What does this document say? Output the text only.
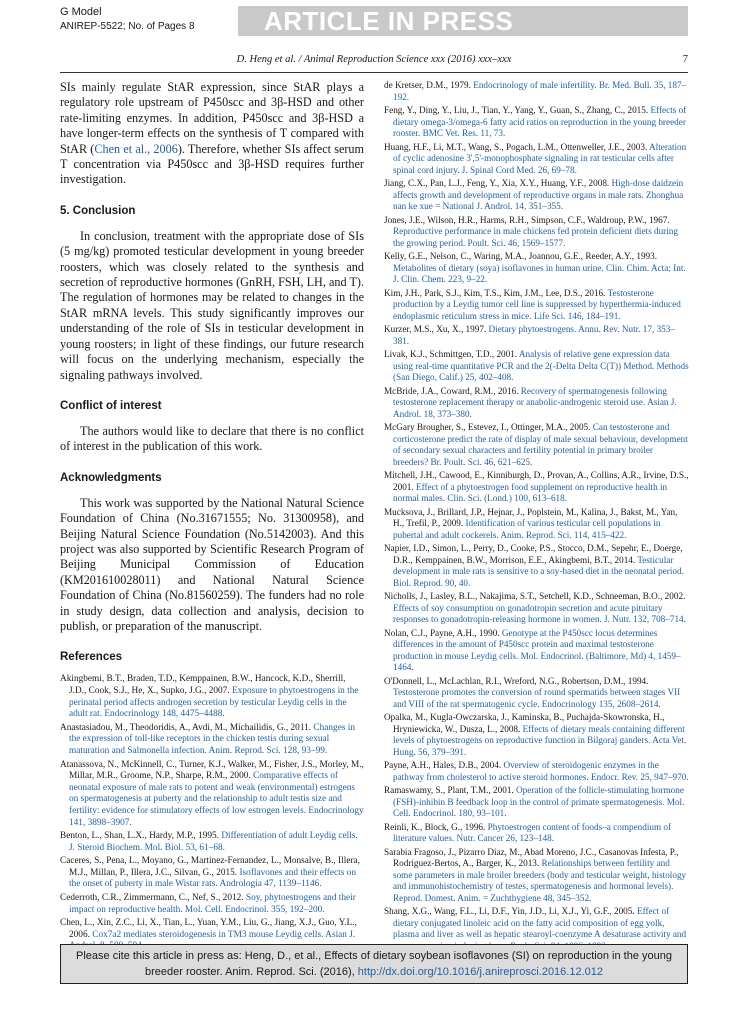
G Model
ANIREP-5522; No. of Pages 8	ARTICLE IN PRESS
D. Heng et al. / Animal Reproduction Science xxx (2016) xxx–xxx	7

SIs mainly regulate StAR expression, since StAR plays a regulatory role upstream of P450scc and 3β-HSD and other rate-limiting enzymes. In addition, P450scc and 3β-HSD a have longer-term effects on the synthesis of T compared with StAR (Chen et al., 2006). Therefore, whether SIs affect serum T concentration via P450scc and 3β-HSD requires further investigation.

5. Conclusion

In conclusion, treatment with the appropriate dose of SIs (5 mg/kg) promoted testicular development in young breeder roosters, which was closely related to the synthesis and secretion of reproductive hormones (GnRH, FSH, LH, and T). The regulation of hormones may be related to changes in the StAR mRNA levels. This study significantly improves our understanding of the role of SIs in testicular development in young roosters; in light of these findings, our future research will focus on the underlying mechanism, especially the signaling pathways involved.

Conflict of interest

The authors would like to declare that there is no conflict of interest in the publication of this work.

Acknowledgments

This work was supported by the National Natural Science Foundation of China (No.31671555; No. 31300958), and Beijing Natural Science Foundation (No.5142003). And this project was also supported by Scientific Research Program of Beijing Municipal Commission of Education (KM201610028011) and National Natural Science Foundation of China (No.81560259). The funders had no role in study design, data collection and analysis, decision to publish, or preparation of the manuscript.

References

Akingbemi, B.T., Braden, T.D., Kemppainen, B.W., Hancock, K.D., Sherrill, J.D., Cook, S.J., He, X., Supko, J.G., 2007. Exposure to phytoestrogens in the perinatal period affects androgen secretion by testicular Leydig cells in the adult rat. Endocrinology 148, 4475–4488.

Anastasiadou, M., Theodoridis, A., Avdi, M., Michailidis, G., 2011. Changes in the expression of toll-like receptors in the chicken testis during sexual maturation and Salmonella infection. Anim. Reprod. Sci. 128, 93–99.

Atanassova, N., McKinnell, C., Turner, K.J., Walker, M., Fisher, J.S., Morley, M., Millar, M.R., Groome, N.P., Sharpe, R.M., 2000. Comparative effects of neonatal exposure of male rats to potent and weak (environmental) estrogens on spermatogenesis at puberty and the relationship to adult testis size and fertility: evidence for stimulatory effects of low estrogen levels. Endocrinology 141, 3898–3907.

Benton, L., Shan, L.X., Hardy, M.P., 1995. Differentiation of adult Leydig cells. J. Steroid Biochem. Mol. Biol. 53, 61–68.

Caceres, S., Pena, L., Moyano, G., Martinez-Fernandez, L., Monsalve, B., Illera, M.J., Millan, P., Illera, J.C., Silvan, G., 2015. Isoflavones and their effects on the onset of puberty in male Wistar rats. Andrologia 47, 1139–1146.

Cederroth, C.R., Zimmermann, C., Nef, S., 2012. Soy, phytoestrogens and their impact on reproductive health. Mol. Cell. Endocrinol. 355, 192–200.

Chen, L., Xin, Z.C., Li, X., Tian, L., Yuan, Y.M., Liu, G., Jiang, X.J., Guo, Y.L., 2006. Cox7a2 mediates steroidogenesis in TM3 mouse Leydig cells. Asian J.

de Kretser, D.M., 1979. Endocrinology of male infertility. Br. Med. Bull. 35, 187–192.

Feng, Y., Ding, Y., Liu, J., Tian, Y., Yang, Y., Guan, S., Zhang, C., 2015. Effects of dietary omega-3/omega-6 fatty acid ratios on reproduction in the young breeder rooster. BMC Vet. Res. 11, 73.

Huang, H.F., Li, M.T., Wang, S., Pogach, L.M., Ottenweller, J.E., 2003. Alteration of cyclic adenosine 3',5'-monophosphate signaling in rat testicular cells after spinal cord injury. J. Spinal Cord Med. 26, 69–78.

Jiang, C.X., Pan, L.J., Feng, Y., Xia, X.Y., Huang, Y.F., 2008. High-dose daidzein affects growth and development of reproductive organs in male rats. Zhonghua nan ke xue = National J. Androl. 14, 351–355.

Jones, J.E., Wilson, H.R., Harms, R.H., Simpson, C.F., Waldroup, P.W., 1967. Reproductive performance in male chickens fed protein deficient diets during the growing period. Poult. Sci. 46, 1569–1577.

Kelly, G.E., Nelson, C., Waring, M.A., Joannou, G.E., Reeder, A.Y., 1993. Metabolites of dietary (soya) isoflavones in human urine. Clin. Chim. Acta; Int. J. Clin. Chem. 223, 9–22.

Kim, J.H., Park, S.J., Kim, T.S., Kim, J.M., Lee, D.S., 2016. Testosterone production by a Leydig tumor cell line is suppressed by hyperthermia-induced endoplasmic reticulum stress in mice. Life Sci. 146, 184–191.

Kurzer, M.S., Xu, X., 1997. Dietary phytoestrogens. Annu. Rev. Nutr. 17, 353–381.

Livak, K.J., Schmittgen, T.D., 2001. Analysis of relative gene expression data using real-time quantitative PCR and the 2(-Delta Delta C(T)) Method. Methods (San Diego, Calif.) 25, 402–408.

McBride, J.A., Coward, R.M., 2016. Recovery of spermatogenesis following testosterone replacement therapy or anabolic-androgenic steroid use. Asian J. Androl. 18, 373–380.

McGary Brougher, S., Estevez, I., Ottinger, M.A., 2005. Can testosterone and corticosterone predict the rate of display of male sexual behaviour, development of secondary sexual characters and fertility potential in primary broiler breeders? Br. Poult. Sci. 46, 621–625.

Mitchell, J.H., Cawood, E., Kinniburgh, D., Provan, A., Collins, A.R., Irvine, D.S., 2001. Effect of a phytoestrogen food supplement on reproductive health in normal males. Clin. Sci. (Lond.) 100, 613–618.

Mucksova, J., Brillard, J.P., Hejnar, J., Poplstein, M., Kalina, J., Bakst, M., Yan, H., Trefil, P., 2009. Identification of various testicular cell populations in pubertal and adult cockerels. Anim. Reprod. Sci. 114, 415–422.

Napier, I.D., Simon, L., Perry, D., Cooke, P.S., Stocco, D.M., Sepehr, E., Doerge, D.R., Kemppainen, B.W., Morrison, E.E., Akingbemi, B.T., 2014. Testicular development in male rats is sensitive to a soy-based diet in the neonatal period. Biol. Reprod. 90, 40.

Nicholls, J., Lasley, B.L., Nakajima, S.T., Setchell, K.D., Schneeman, B.O., 2002. Effects of soy consumption on gonadotropin secretion and acute pituitary responses to gonadotropin-releasing hormone in women. J. Nutr. 132, 708–714.

Nolan, C.J., Payne, A.H., 1990. Genotype at the P450scc locus determines differences in the amount of P450scc protein and maximal testosterone production in mouse Leydig cells. Mol. Endocrinol. (Baltimore, Md) 4, 1459–1464.

O'Donnell, L., McLachlan, R.I., Wreford, N.G., Robertson, D.M., 1994. Testosterone promotes the conversion of round spermatids between stages VII and VIII of the rat spermatogenic cycle. Endocrinology 135, 2608–2614.

Opalka, M., Kugla-Owczarska, J., Kaminska, B., Puchajda-Skowronska, H., Hryniewicka, W., Dusza, L., 2008. Effects of dietary meals containing different levels of phytoestrogens on reproductive function in Bilgoraj ganders. Acta Vet. Hung. 56, 379–391.

Payne, A.H., Hales, D.B., 2004. Overview of steroidogenic enzymes in the pathway from cholesterol to active steroid hormones. Endocr. Rev. 25, 947–970.

Ramaswamy, S., Plant, T.M., 2001. Operation of the follicle-stimulating hormone (FSH)-inhibin B feedback loop in the control of primate spermatogenesis. Mol. Cell. Endocrinol. 180, 93–101.

Reinli, K., Block, G., 1996. Phytoestrogen content of foods–a compendium of literature values. Nutr. Cancer 26, 123–148.

Sarabia Fragoso, J., Pizarro Diaz, M., Abad Moreno, J.C., Casanovas Infesta, P., Rodriguez-Bertos, A., Barger, K., 2013. Relationships between fertility and some parameters in male broiler breeders (body and testicular weight, histology and immunohistochemistry of testes, spermatogenesis and hormonal levels). Reprod. Domest. Anim. = Zuchthygiene 48, 345–352.

Shang, X.G., Wang, F.L., Li, D.F., Yin, J.D., Li, X.J., Yi, G.F., 2005. Effect of dietary conjugated linoleic acid on the fatty acid composition of egg yolk, plasma and liver as well as hepatic stearoyl-coenzyme A desaturase activity and

Please cite this article in press as: Heng, D., et al., Effects of dietary soybean isoflavones (SI) on reproduction in the young breeder rooster. Anim. Reprod. Sci. (2016), http://dx.doi.org/10.1016/j.anireprosci.2016.12.012
